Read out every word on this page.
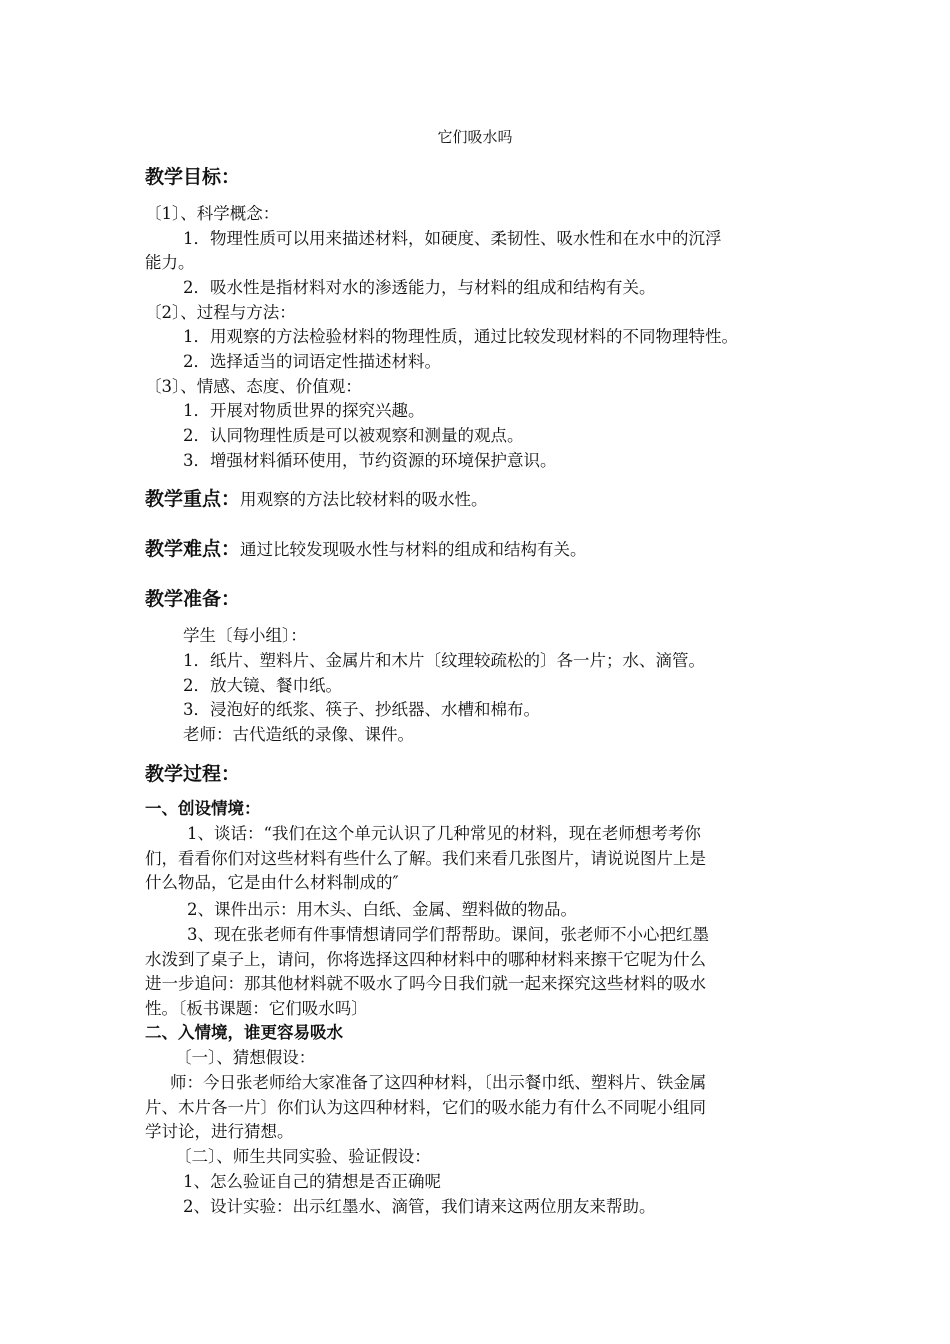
它们吸水吗
教学目标：
〔1〕、科学概念：
1．物理性质可以用来描述材料，如硬度、柔韧性、吸水性和在水中的沉浮
能力。
2．吸水性是指材料对水的渗透能力，与材料的组成和结构有关。
〔2〕、过程与方法：
1．用观察的方法检验材料的物理性质，通过比较发现材料的不同物理特性。
2．选择适当的词语定性描述材料。
〔3〕、情感、态度、价值观：
1．开展对物质世界的探究兴趣。
2．认同物理性质是可以被观察和测量的观点。
3．增强材料循环使用，节约资源的环境保护意识。
教学重点：用观察的方法比较材料的吸水性。
教学难点：通过比较发现吸水性与材料的组成和结构有关。
教学准备：
学生〔每小组〕：
1．纸片、塑料片、金属片和木片〔纹理较疏松的〕各一片；水、滴管。
2．放大镜、餐巾纸。
3．浸泡好的纸浆、筷子、抄纸器、水槽和棉布。
老师：古代造纸的录像、课件。
教学过程：
一、创设情境：
1、谈话：“我们在这个单元认识了几种常见的材料，现在老师想考考你
们，看看你们对这些材料有些什么了解。我们来看几张图片，请说说图片上是
什么物品，它是由什么材料制成的″
2、课件出示：用木头、白纸、金属、塑料做的物品。
3、现在张老师有件事情想请同学们帮帮助。课间，张老师不小心把红墨
水泼到了桌子上，请问，你将选择这四种材料中的哪种材料来擦干它呢为什么
进一步追问：那其他材料就不吸水了吗今日我们就一起来探究这些材料的吸水
性。〔板书课题：它们吸水吗〕
二、入情境，谁更容易吸水
〔一〕、猜想假设：
师：今日张老师给大家准备了这四种材料，〔出示餐巾纸、塑料片、铁金属
片、木片各一片〕你们认为这四种材料，它们的吸水能力有什么不同呢小组同
学讨论，进行猜想。
〔二〕、师生共同实验、验证假设：
1、怎么验证自己的猜想是否正确呢
2、设计实验：出示红墨水、滴管，我们请来这两位朋友来帮助。
